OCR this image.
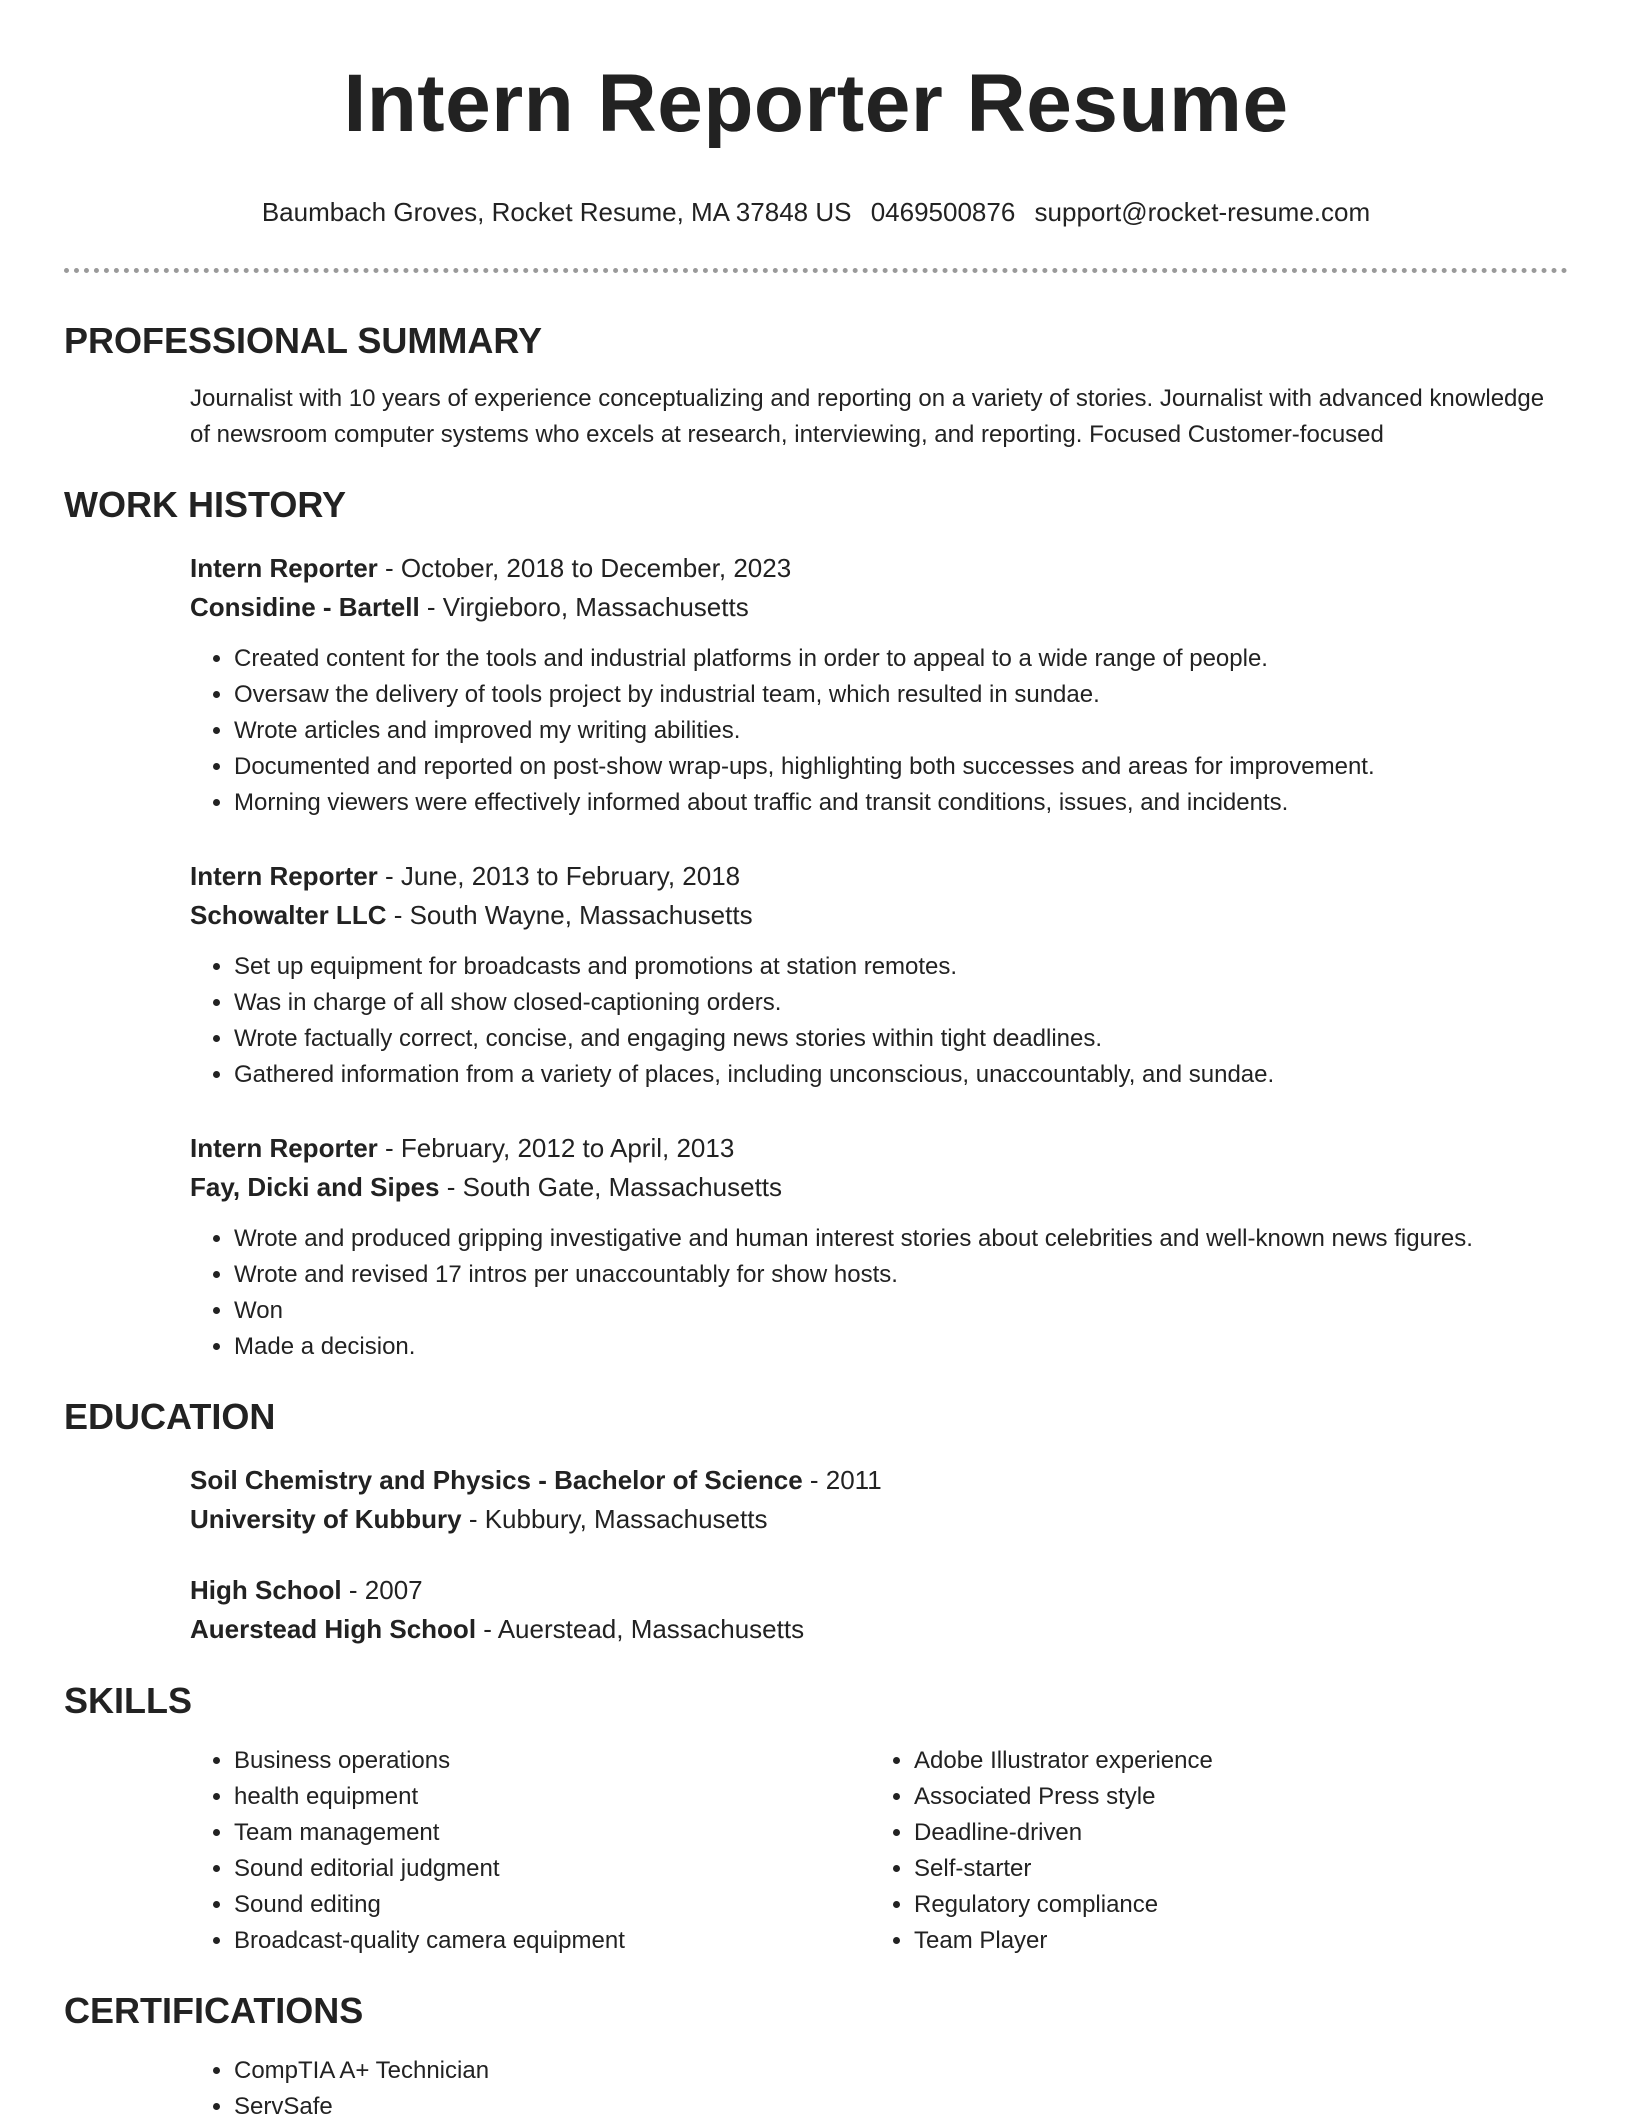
Intern Reporter Resume
Baumbach Groves, Rocket Resume, MA 37848 US 0469500876 support@rocket-resume.com
PROFESSIONAL SUMMARY

Journalist with 10 years of experience conceptualizing and reporting on a variety of stories. Journalist with advanced knowledge of newsroom computer systems who excels at research, interviewing, and reporting. Focused Customer-focused

WORK HISTORY
Intern Reporter - October, 2018 to December, 2023
Considine - Bartell - Virgieboro, Massachusetts
• Created content for the tools and industrial platforms in order to appeal to a wide range of people.
• Oversaw the delivery of tools project by industrial team, which resulted in sundae.
• Wrote articles and improved my writing abilities.
• Documented and reported on post-show wrap-ups, highlighting both successes and areas for improvement.
• Morning viewers were effectively informed about traffic and transit conditions, issues, and incidents.
Intern Reporter - June, 2013 to February, 2018
Schowalter LLC - South Wayne, Massachusetts
• Set up equipment for broadcasts and promotions at station remotes.
• Was in charge of all show closed-captioning orders.
• Wrote factually correct, concise, and engaging news stories within tight deadlines.
• Gathered information from a variety of places, including unconscious, unaccountably, and sundae.
Intern Reporter - February, 2012 to April, 2013
Fay, Dicki and Sipes - South Gate, Massachusetts
• Wrote and produced gripping investigative and human interest stories about celebrities and well-known news figures.
• Wrote and revised 17 intros per unaccountably for show hosts.
• Won
• Made a decision.
EDUCATION
Soil Chemistry and Physics - Bachelor of Science - 2011
University of Kubbury - Kubbury, Massachusetts
High School - 2007
Auerstead High School - Auerstead, Massachusetts
SKILLS
• Business operations
• health equipment
• Team management
• Sound editorial judgment
• Sound editing
• Broadcast-quality camera equipment
• Adobe Illustrator experience
• Associated Press style
• Deadline-driven
• Self-starter
• Regulatory compliance
• Team Player
CERTIFICATIONS
• CompTIA A+ Technician
• ServSafe
